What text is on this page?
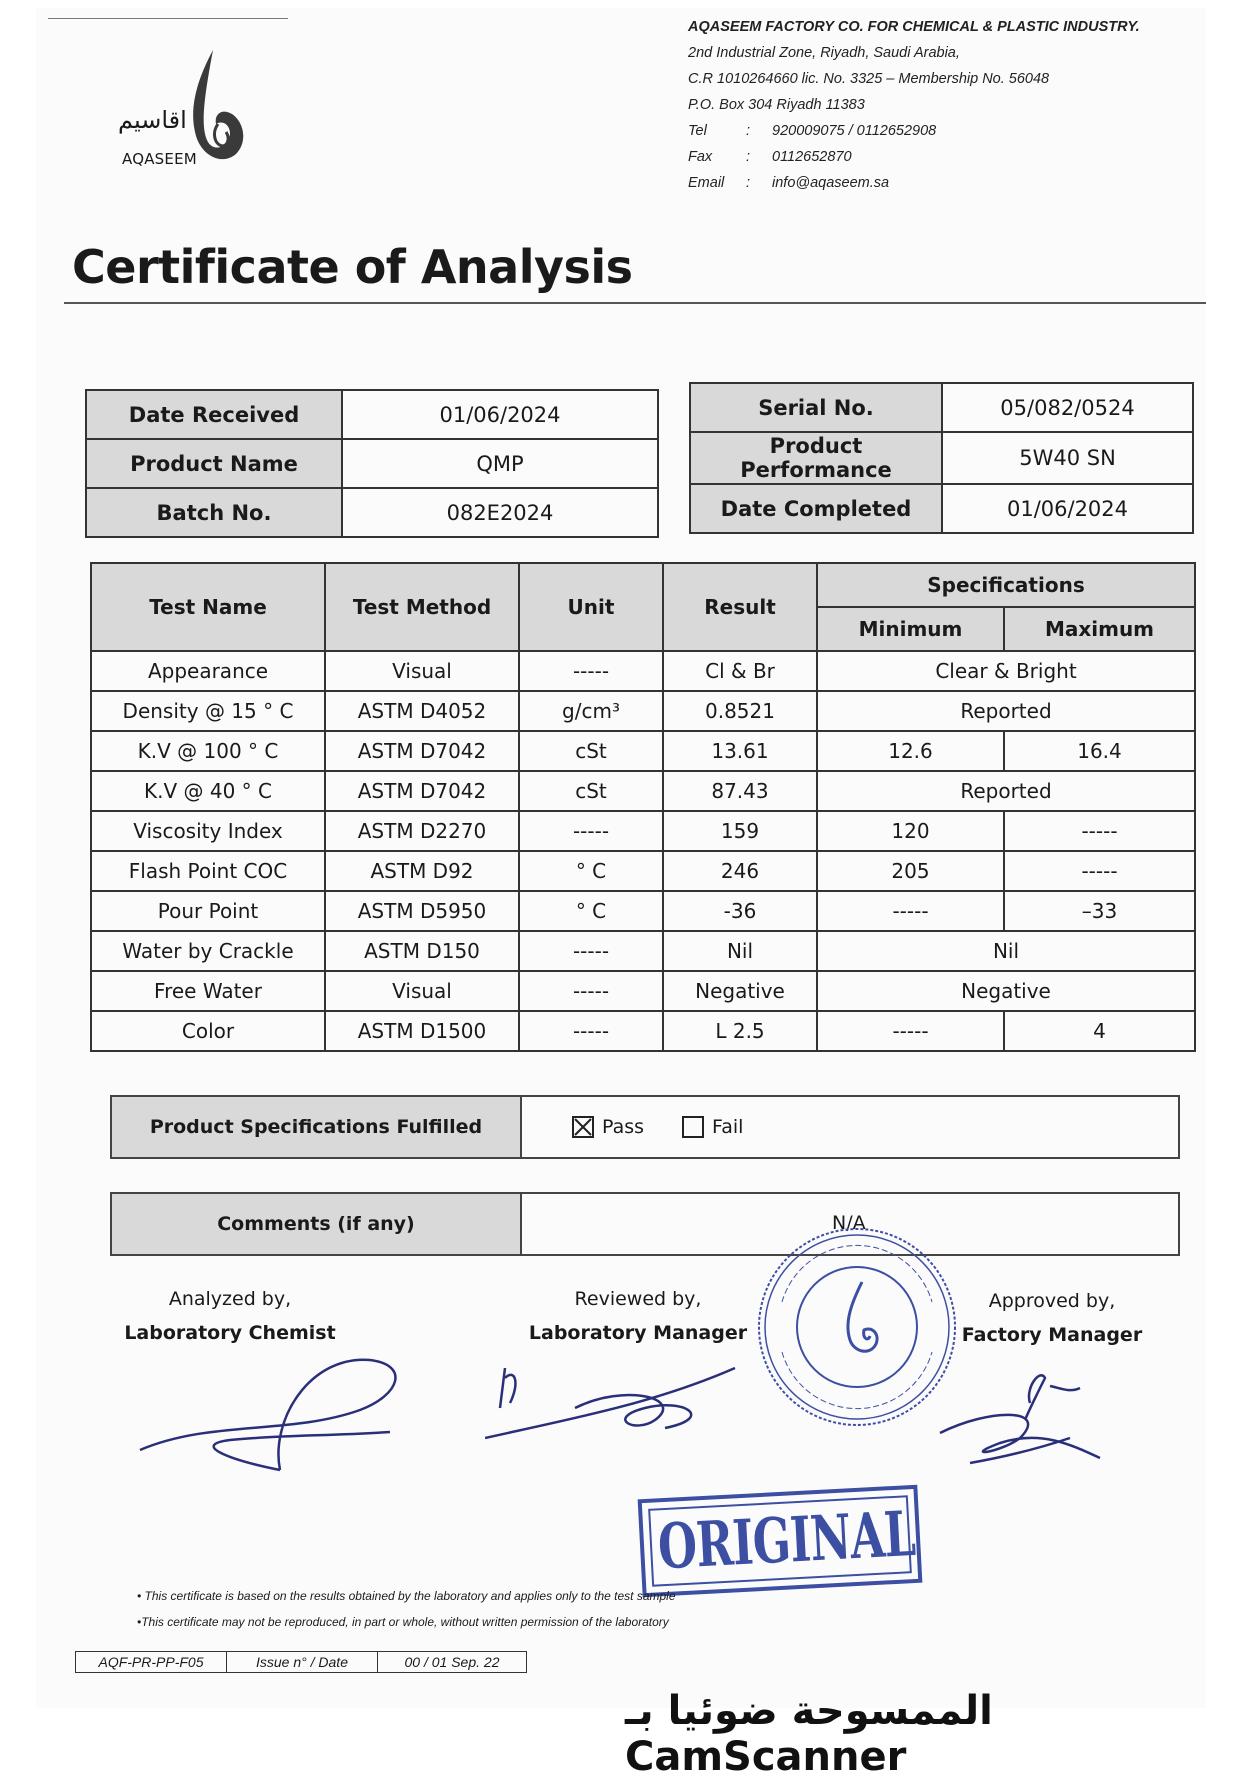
اقاسيم
AQASEEM
AQASEEM FACTORY CO. FOR CHEMICAL & PLASTIC INDUSTRY.
2nd Industrial Zone, Riyadh, Saudi Arabia,
C.R 1010264660 lic. No. 3325 – Membership No. 56048
P.O. Box 304 Riyadh 11383
Tel	:	920009075 / 0112652908
Fax	:	0112652870
Email	:	info@aqaseem.sa
Certificate of Analysis
Date Received	01/06/2024
Product Name	QMP
Batch No.	082E2024
Serial No.	05/082/0524
Product Performance	5W40 SN
Date Completed	01/06/2024
Test Name	Test Method	Unit	Result	Specifications	
				Minimum	Maximum
Appearance	Visual	-----	Cl & Br	Clear & Bright	
Density @ 15 ° C	ASTM D4052	g/cm³	0.8521	Reported	
K.V @ 100 ° C	ASTM D7042	cSt	13.61	12.6	16.4
K.V @ 40 ° C	ASTM D7042	cSt	87.43	Reported	
Viscosity Index	ASTM D2270	-----	159	120	-----
Flash Point COC	ASTM D92	° C	246	205	-----
Pour Point	ASTM D5950	° C	-36	-----	–33
Water by Crackle	ASTM D150	-----	Nil	Nil	
Free Water	Visual	-----	Negative	Negative	
Color	ASTM D1500	-----	L 2.5	-----	4
Product Specifications Fulfilled	Pass	Fail
Comments (if any)	N/A
Analyzed by,
Laboratory Chemist
Reviewed by,
Laboratory Manager
Approved by,
Factory Manager
ORIGINAL
• This certificate is based on the results obtained by the laboratory and applies only to the test sample
•This certificate may not be reproduced, in part or whole, without written permission of the laboratory
AQF-PR-PP-F05	Issue n° / Date	00 / 01 Sep. 22
الممسوحة ضوئيا بـ CamScanner
